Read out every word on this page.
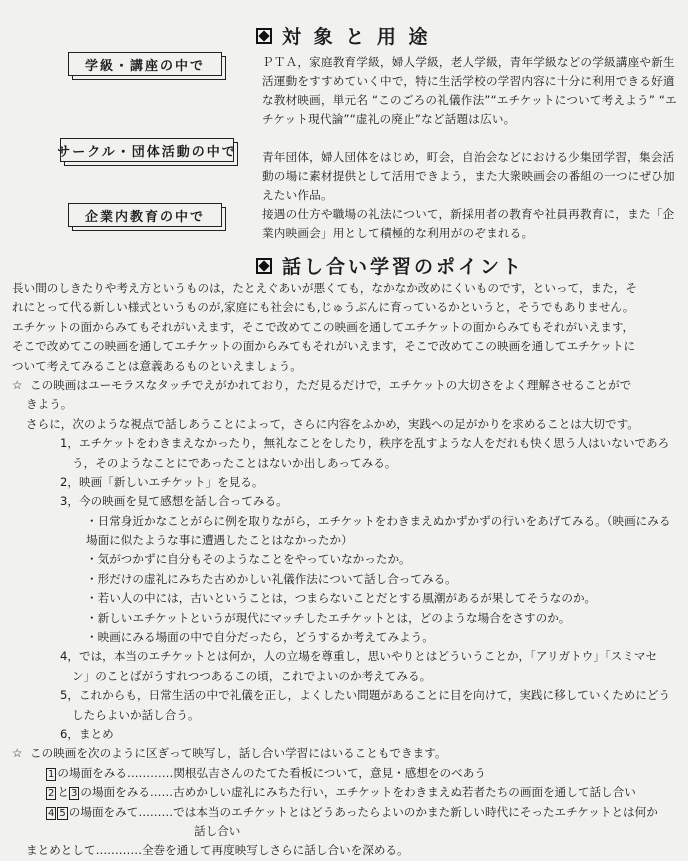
対 象 と 用 途
学級・講座の中で	ＰＴＡ，家庭教育学級，婦人学級，老人学級，青年学級などの学級講座や新生活運動をすすめていく中で，特に生活学校の学習内容に十分に利用できる好適な教材映画，単元名 “このごろの礼儀作法”“エチケットについて考えよう” “エチケット現代論”“虚礼の廃止”など話題は広い。
サークル・団体活動の中で 青年団体，婦人団体をはじめ，町会，自治会などにおける少集団学習，集会活動の場に素材提供として活用できよう，また大衆映画会の番組の一つにぜひ加えたい作品。
企業内教育の中で	接遇の仕方や職場の礼法について，新採用者の教育や社員再教育に，また「企業内映画会」用として積極的な利用がのぞまれる。
話し合い学習のポイント
長い間のしきたりや考え方というものは，たとえぐあいが悪くても，なかなか改めにくいものです，といって，また，そ
れにとって代る新しい様式というものが,家庭にも社会にも,じゅうぶんに育っているかというと，そうでもありません。
エチケットの面からみてもそれがいえます，そこで改めてこの映画を通してエチケットの面からみてもそれがいえます，
そこで改めてこの映画を通してエチケットの面からみてもそれがいえます，そこで改めてこの映画を通してエチケットに
ついて考えてみることは意義あるものといえましょう。
☆ この映画はユーモラスなタッチでえがかれており，ただ見るだけで，エチケットの大切さをよく理解させることがで
きよう。
さらに，次のような視点で話しあうことによって，さらに内容をふかめ，実践への足がかりを求めることは大切です。
1，エチケットをわきまえなかったり，無礼なことをしたり，秩序を乱すような人をだれも快く思う人はいないであろ
う，そのようなことにであったことはないか出しあってみる。
2，映画「新しいエチケット」を見る。
3，今の映画を見て感想を話し合ってみる。
・日常身近かなことがらに例を取りながら，エチケットをわきまえぬかずかずの行いをあげてみる。（映画にみる
場面に似たような事に遭遇したことはなかったか）
・気がつかずに自分もそのようなことをやっていなかったか。
・形だけの虚礼にみちた古めかしい礼儀作法について話し合ってみる。
・若い人の中には，古いということは，つまらないことだとする風潮があるが果してそうなのか。
・新しいエチケットというが現代にマッチしたエチケットとは，どのような場合をさすのか。
・映画にみる場面の中で自分だったら，どうするか考えてみよう。
4，では，本当のエチケットとは何か，人の立場を尊重し，思いやりとはどういうことか，「アリガトウ」「スミマセ
ン」のことばがうすれつつあるこの頃，これでよいのか考えてみる。
5，これからも，日常生活の中で礼儀を正し，よくしたい問題があることに目を向けて，実践に移していくためにどう
したらよいか話し合う。
6，まとめ
☆ この映画を次のように区ぎって映写し，話し合い学習にはいることもできます。
1 の場面をみる…………関根弘吉さんのたてた看板について，意見・感想をのべあう
2 と 3 の場面をみる……古めかしい虚礼にみちた行い，エチケットをわきまえぬ若者たちの画面を通して話し合い
4 5 の場面をみて………では本当のエチケットとはどうあったらよいのかまた新しい時代にそったエチケットとは何か
話し合い
まとめとして…………全巻を通して再度映写しさらに話し合いを深める。
